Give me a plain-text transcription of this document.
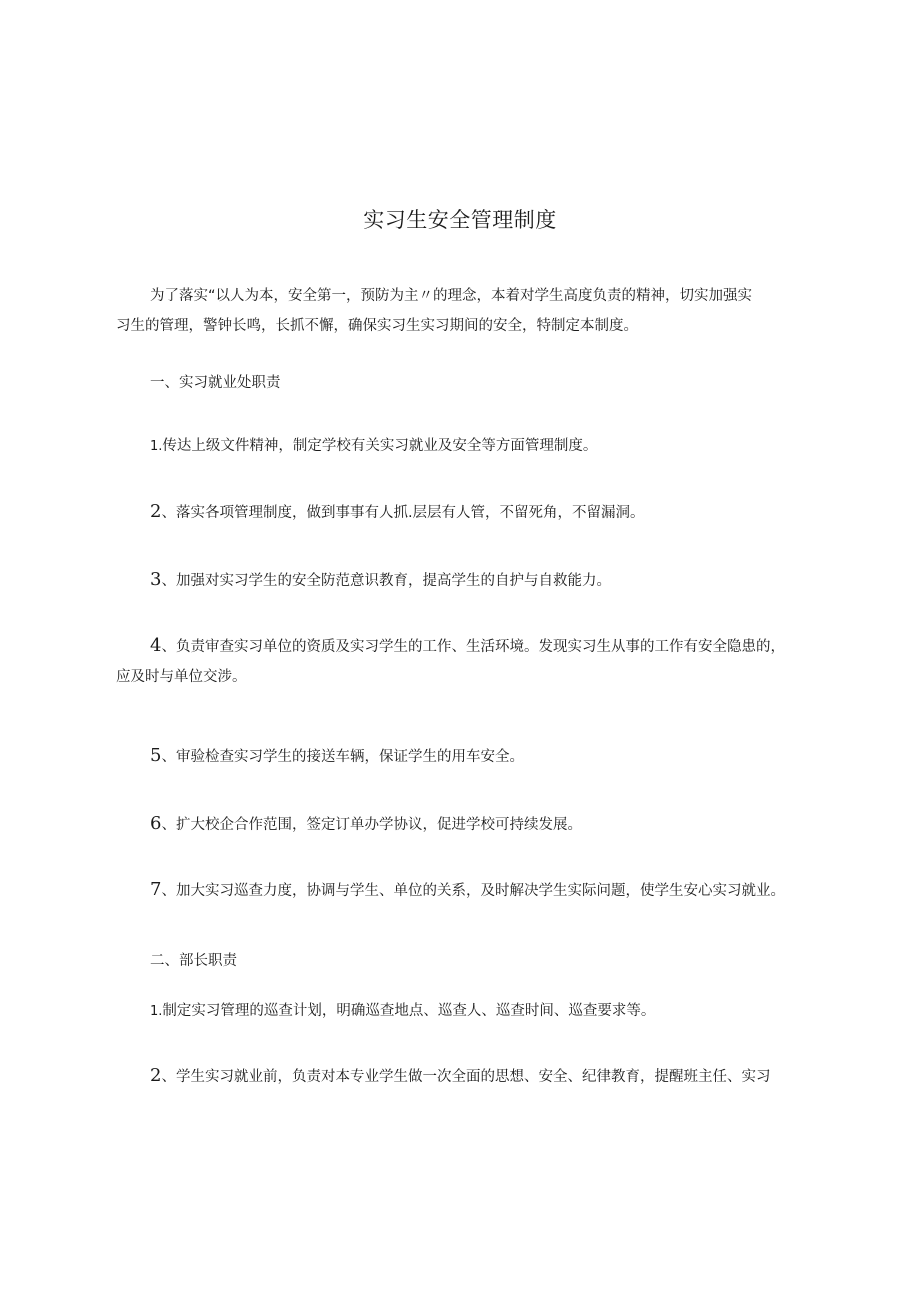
实习生安全管理制度
为了落实“以人为本，安全第一，预防为主〃的理念，本着对学生高度负责的精神，切实加强实
习生的管理，警钟长鸣，长抓不懈，确保实习生实习期间的安全，特制定本制度。
一、实习就业处职责
1.传达上级文件精神，制定学校有关实习就业及安全等方面管理制度。
2、落实各项管理制度，做到事事有人抓.层层有人管，不留死角，不留漏洞。
3、加强对实习学生的安全防范意识教育，提高学生的自护与自救能力。
4、负责审查实习单位的资质及实习学生的工作、生活环境。发现实习生从事的工作有安全隐患的，
应及时与单位交涉。
5、审验检查实习学生的接送车辆，保证学生的用车安全。
6、扩大校企合作范围，签定订单办学协议，促进学校可持续发展。
7、加大实习巡查力度，协调与学生、单位的关系，及时解决学生实际问题，使学生安心实习就业。
二、部长职责
1.制定实习管理的巡查计划，明确巡查地点、巡查人、巡查时间、巡查要求等。
2、学生实习就业前，负责对本专业学生做一次全面的思想、安全、纪律教育，提醒班主任、实习
